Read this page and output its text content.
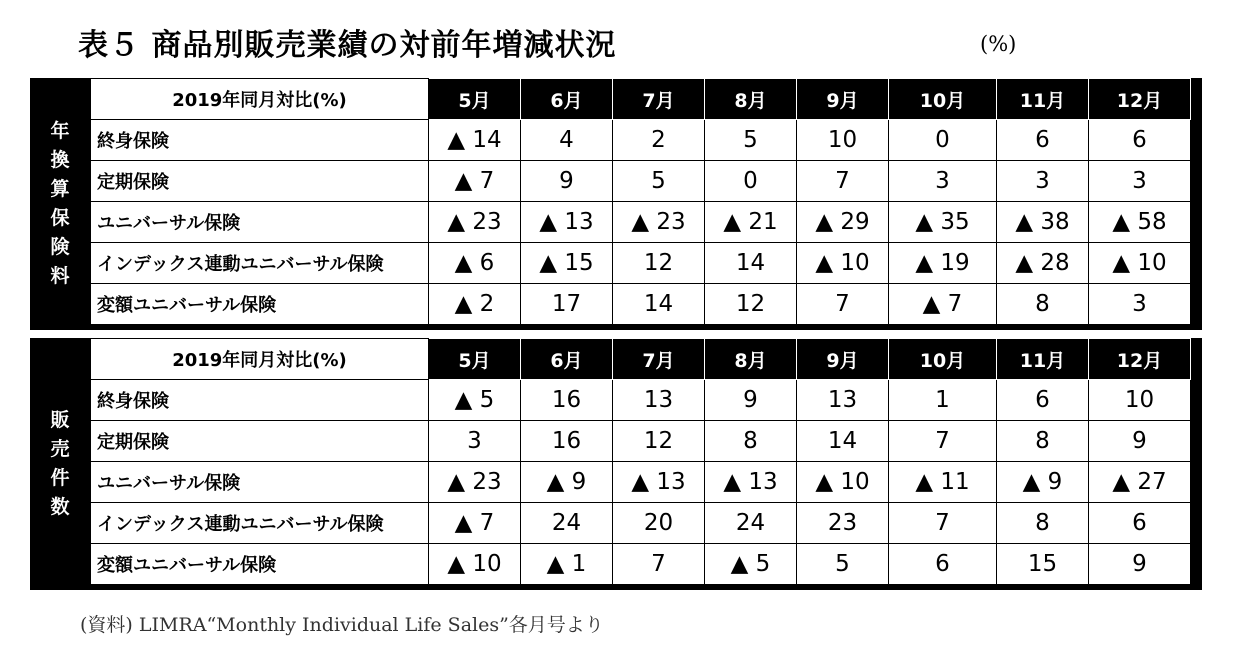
表５ 商品別販売業績の対前年増減状況	(%)
年
換
算
保
険
料
2019年同月対比(%)	5月	6月	7月	8月	9月	10月	11月	12月
終身保険	▲ 14	4	2	5	10	0	6	6
定期保険	▲ 7	9	5	0	7	3	3	3
ユニバーサル保険	▲ 23	▲ 13	▲ 23	▲ 21	▲ 29	▲ 35	▲ 38	▲ 58
インデックス連動ユニバーサル保険	▲ 6	▲ 15	12	14	▲ 10	▲ 19	▲ 28	▲ 10
変額ユニバーサル保険	▲ 2	17	14	12	7	▲ 7	8	3
販
売
件
数
2019年同月対比(%)	5月	6月	7月	8月	9月	10月	11月	12月
終身保険	▲ 5	16	13	9	13	1	6	10
定期保険	3	16	12	8	14	7	8	9
ユニバーサル保険	▲ 23	▲ 9	▲ 13	▲ 13	▲ 10	▲ 11	▲ 9	▲ 27
インデックス連動ユニバーサル保険	▲ 7	24	20	24	23	7	8	6
変額ユニバーサル保険	▲ 10	▲ 1	7	▲ 5	5	6	15	9
(資料) LIMRA“Monthly Individual Life Sales”各月号より
